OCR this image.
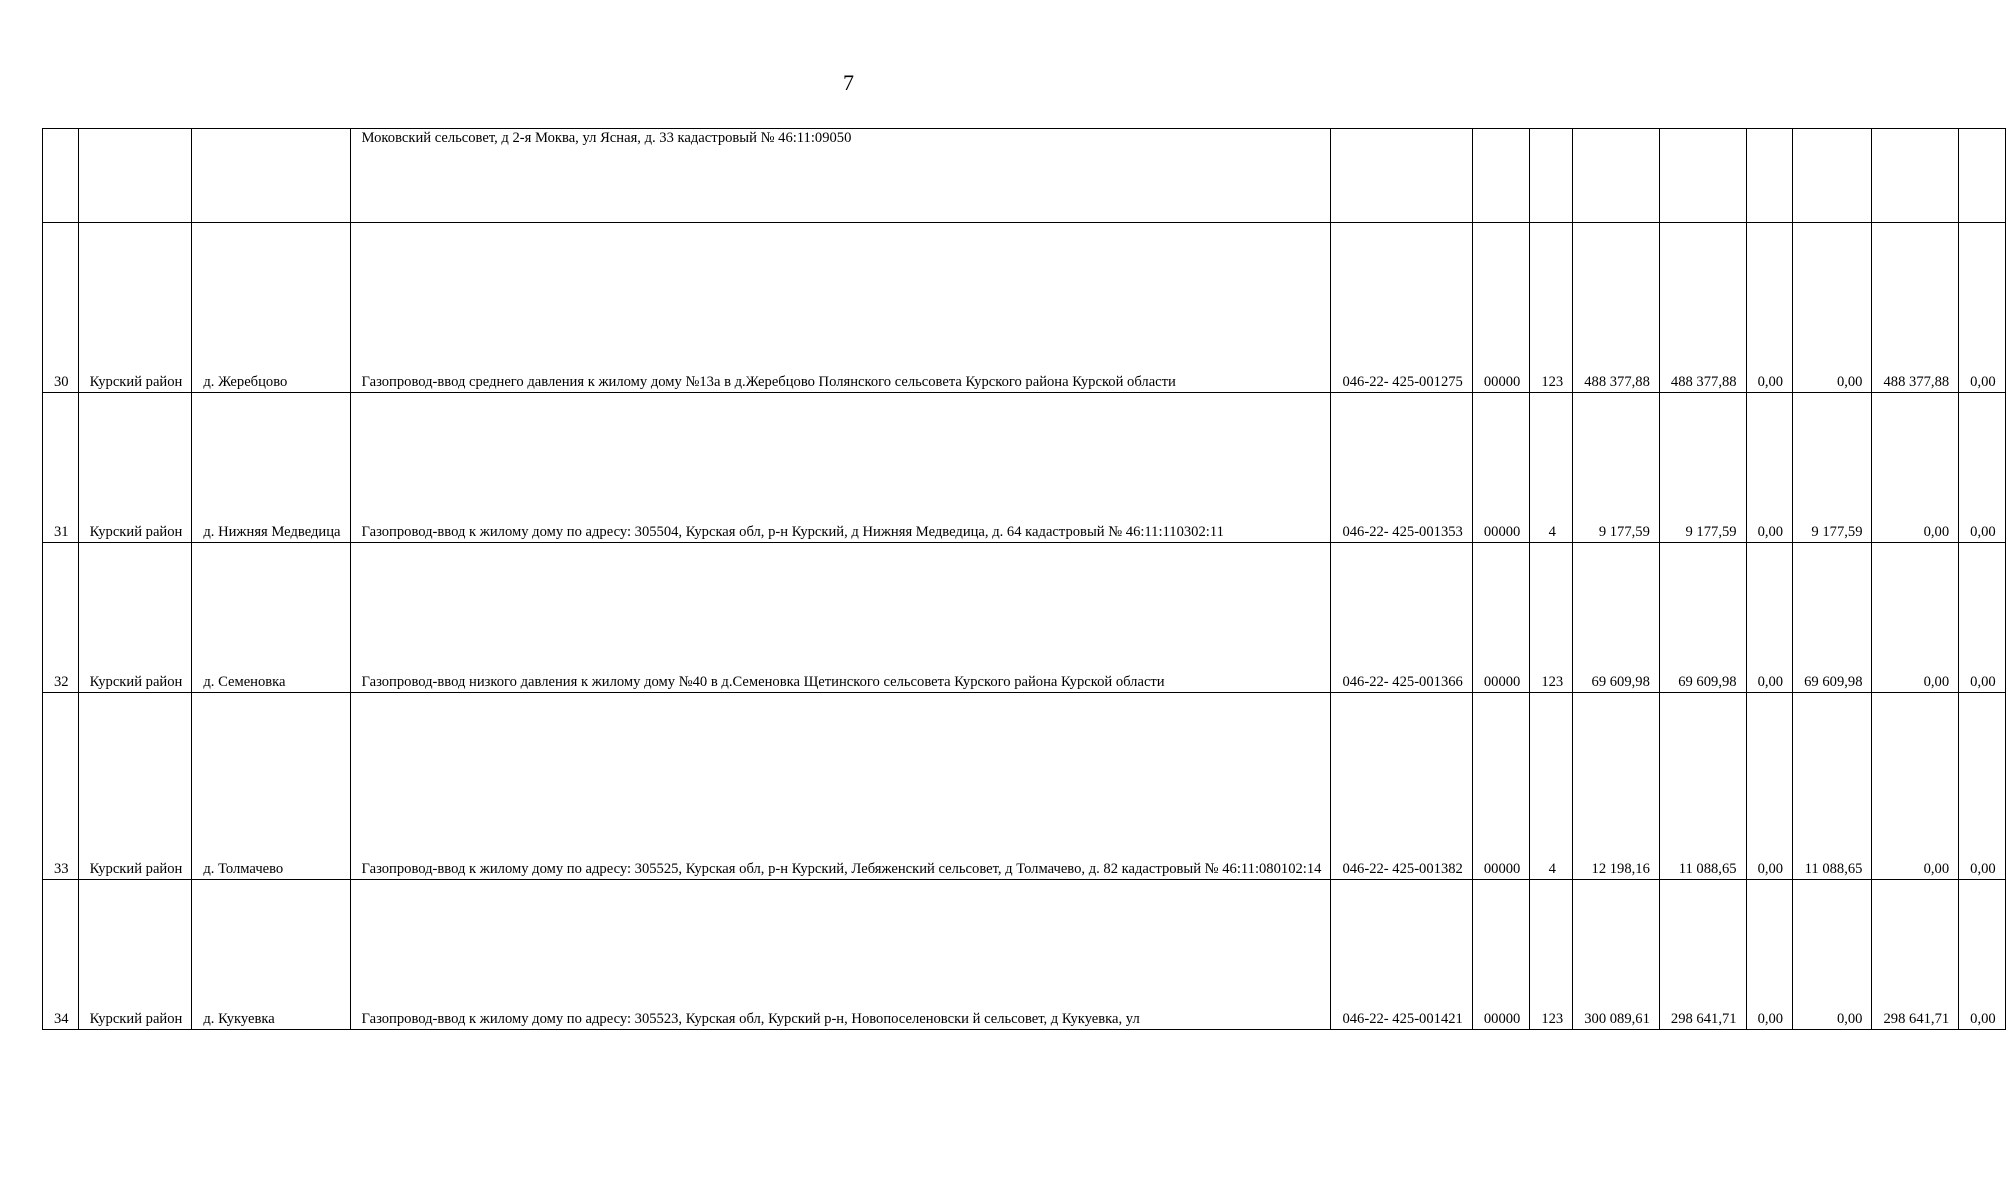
7
			Моковский сельсовет, д 2-я Моква, ул Ясная, д. 33 кадастровый № 46:11:09050									
30	Курский район	д. Жеребцово	Газопровод-ввод среднего давления к жилому дому №13а в д.Жеребцово Полянского сельсовета Курского района Курской области	046-22- 425-001275	00000	123	488 377,88	488 377,88	0,00	0,00	488 377,88	0,00
31	Курский район	д. Нижняя Медведица	Газопровод-ввод к жилому дому по адресу: 305504, Курская обл, р-н Курский, д Нижняя Медведица, д. 64 кадастровый № 46:11:110302:11	046-22- 425-001353	00000	4	9 177,59	9 177,59	0,00	9 177,59	0,00	0,00
32	Курский район	д. Семеновка	Газопровод-ввод низкого давления к жилому дому №40 в д.Семеновка Щетинского сельсовета Курского района Курской области	046-22- 425-001366	00000	123	69 609,98	69 609,98	0,00	69 609,98	0,00	0,00
33	Курский район	д. Толмачево	Газопровод-ввод к жилому дому по адресу: 305525, Курская обл, р-н Курский, Лебяженский сельсовет, д Толмачево, д. 82 кадастровый № 46:11:080102:14	046-22- 425-001382	00000	4	12 198,16	11 088,65	0,00	11 088,65	0,00	0,00
34	Курский район	д. Кукуевка	Газопровод-ввод к жилому дому по адресу: 305523, Курская обл, Курский р-н, Новопоселеновски й сельсовет, д Кукуевка, ул	046-22- 425-001421	00000	123	300 089,61	298 641,71	0,00	0,00	298 641,71	0,00
